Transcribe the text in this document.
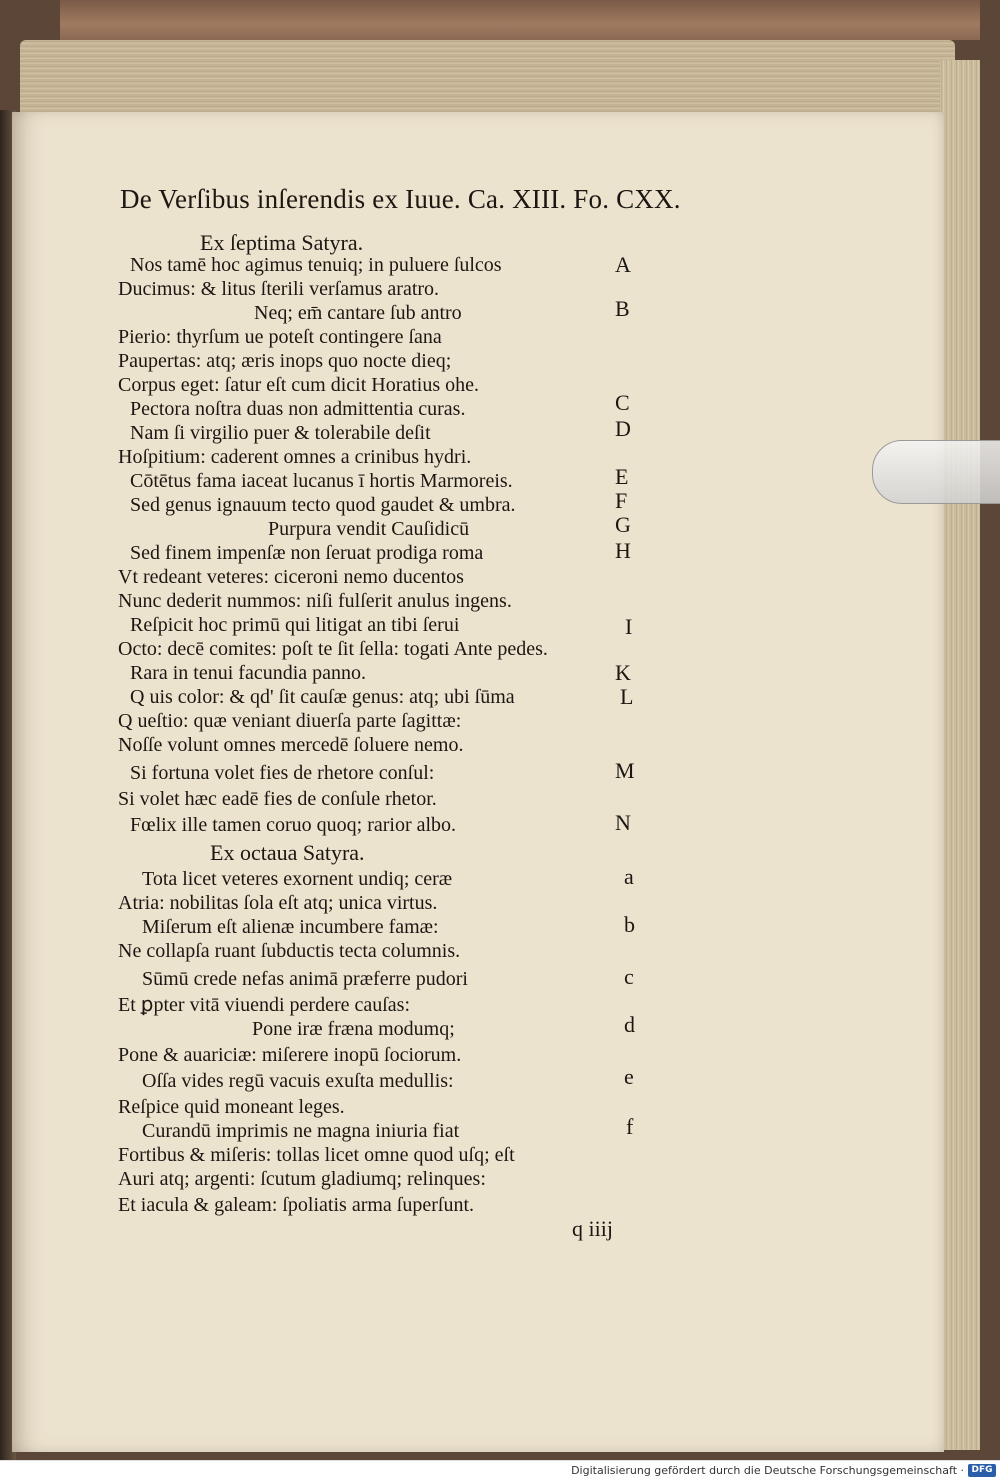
De Verſibus inſerendis ex Iuue. Ca. XIII. Fo. CXX.
Ex ſeptima Satyra.
Nos tamē hoc agimus tenuiq; in puluere ſulcos
Ducimus: & litus ſterili verſamus aratro.
Neq; em̄ cantare ſub antro
Pierio: thyrſum ue poteſt contingere ſana
Paupertas: atq; æris inops quo nocte dieq;
Corpus eget: ſatur eſt cum dicit Horatius ohe.
Pectora noſtra duas non admittentia curas.
Nam ſi virgilio puer & tolerabile deſit
Hoſpitium: caderent omnes a crinibus hydri.
Cōtētus fama iaceat lucanus ī hortis Marmoreis.
Sed genus ignauum tecto quod gaudet & umbra.
Purpura vendit Cauſidicū
Sed finem impenſæ non ſeruat prodiga roma
Vt redeant veteres: ciceroni nemo ducentos
Nunc dederit nummos: niſi fulſerit anulus ingens.
Reſpicit hoc primū qui litigat an tibi ſerui
Octo: decē comites: poſt te ſit ſella: togati Ante pedes.
Rara in tenui facundia panno.
Q uis color: & qd' ſit cauſæ genus: atq; ubi ſūma
Q ueſtio: quæ veniant diuerſa parte ſagittæ:
Noſſe volunt omnes mercedē ſoluere nemo.
Si fortuna volet fies de rhetore conſul:
Si volet hæc eadē fies de conſule rhetor.
Fœlix ille tamen coruo quoq; rarior albo.
Ex octaua Satyra.
Tota licet veteres exornent undiq; ceræ
Atria: nobilitas ſola eſt atq; unica virtus.
Miſerum eſt alienæ incumbere famæ:
Ne collapſa ruant ſubductis tecta columnis.
Sūmū crede nefas animā præferre pudori
Et ꝑpter vitā viuendi perdere cauſas:
Pone iræ fræna modumq;
Pone & auariciæ: miſerere inopū ſociorum.
Oſſa vides regū vacuis exuſta medullis:
Reſpice quid moneant leges.
Curandū imprimis ne magna iniuria fiat
Fortibus & miſeris: tollas licet omne quod uſq; eſt
Auri atq; argenti: ſcutum gladiumq; relinques:
Et iacula & galeam: ſpoliatis arma ſuperſunt.
A
B
C
D
E
F
G
H
I
K
L
M
N
a
b
c
d
e
f
q iiij
Digitalisierung gefördert durch die Deutsche Forschungsgemeinschaft · DFG
